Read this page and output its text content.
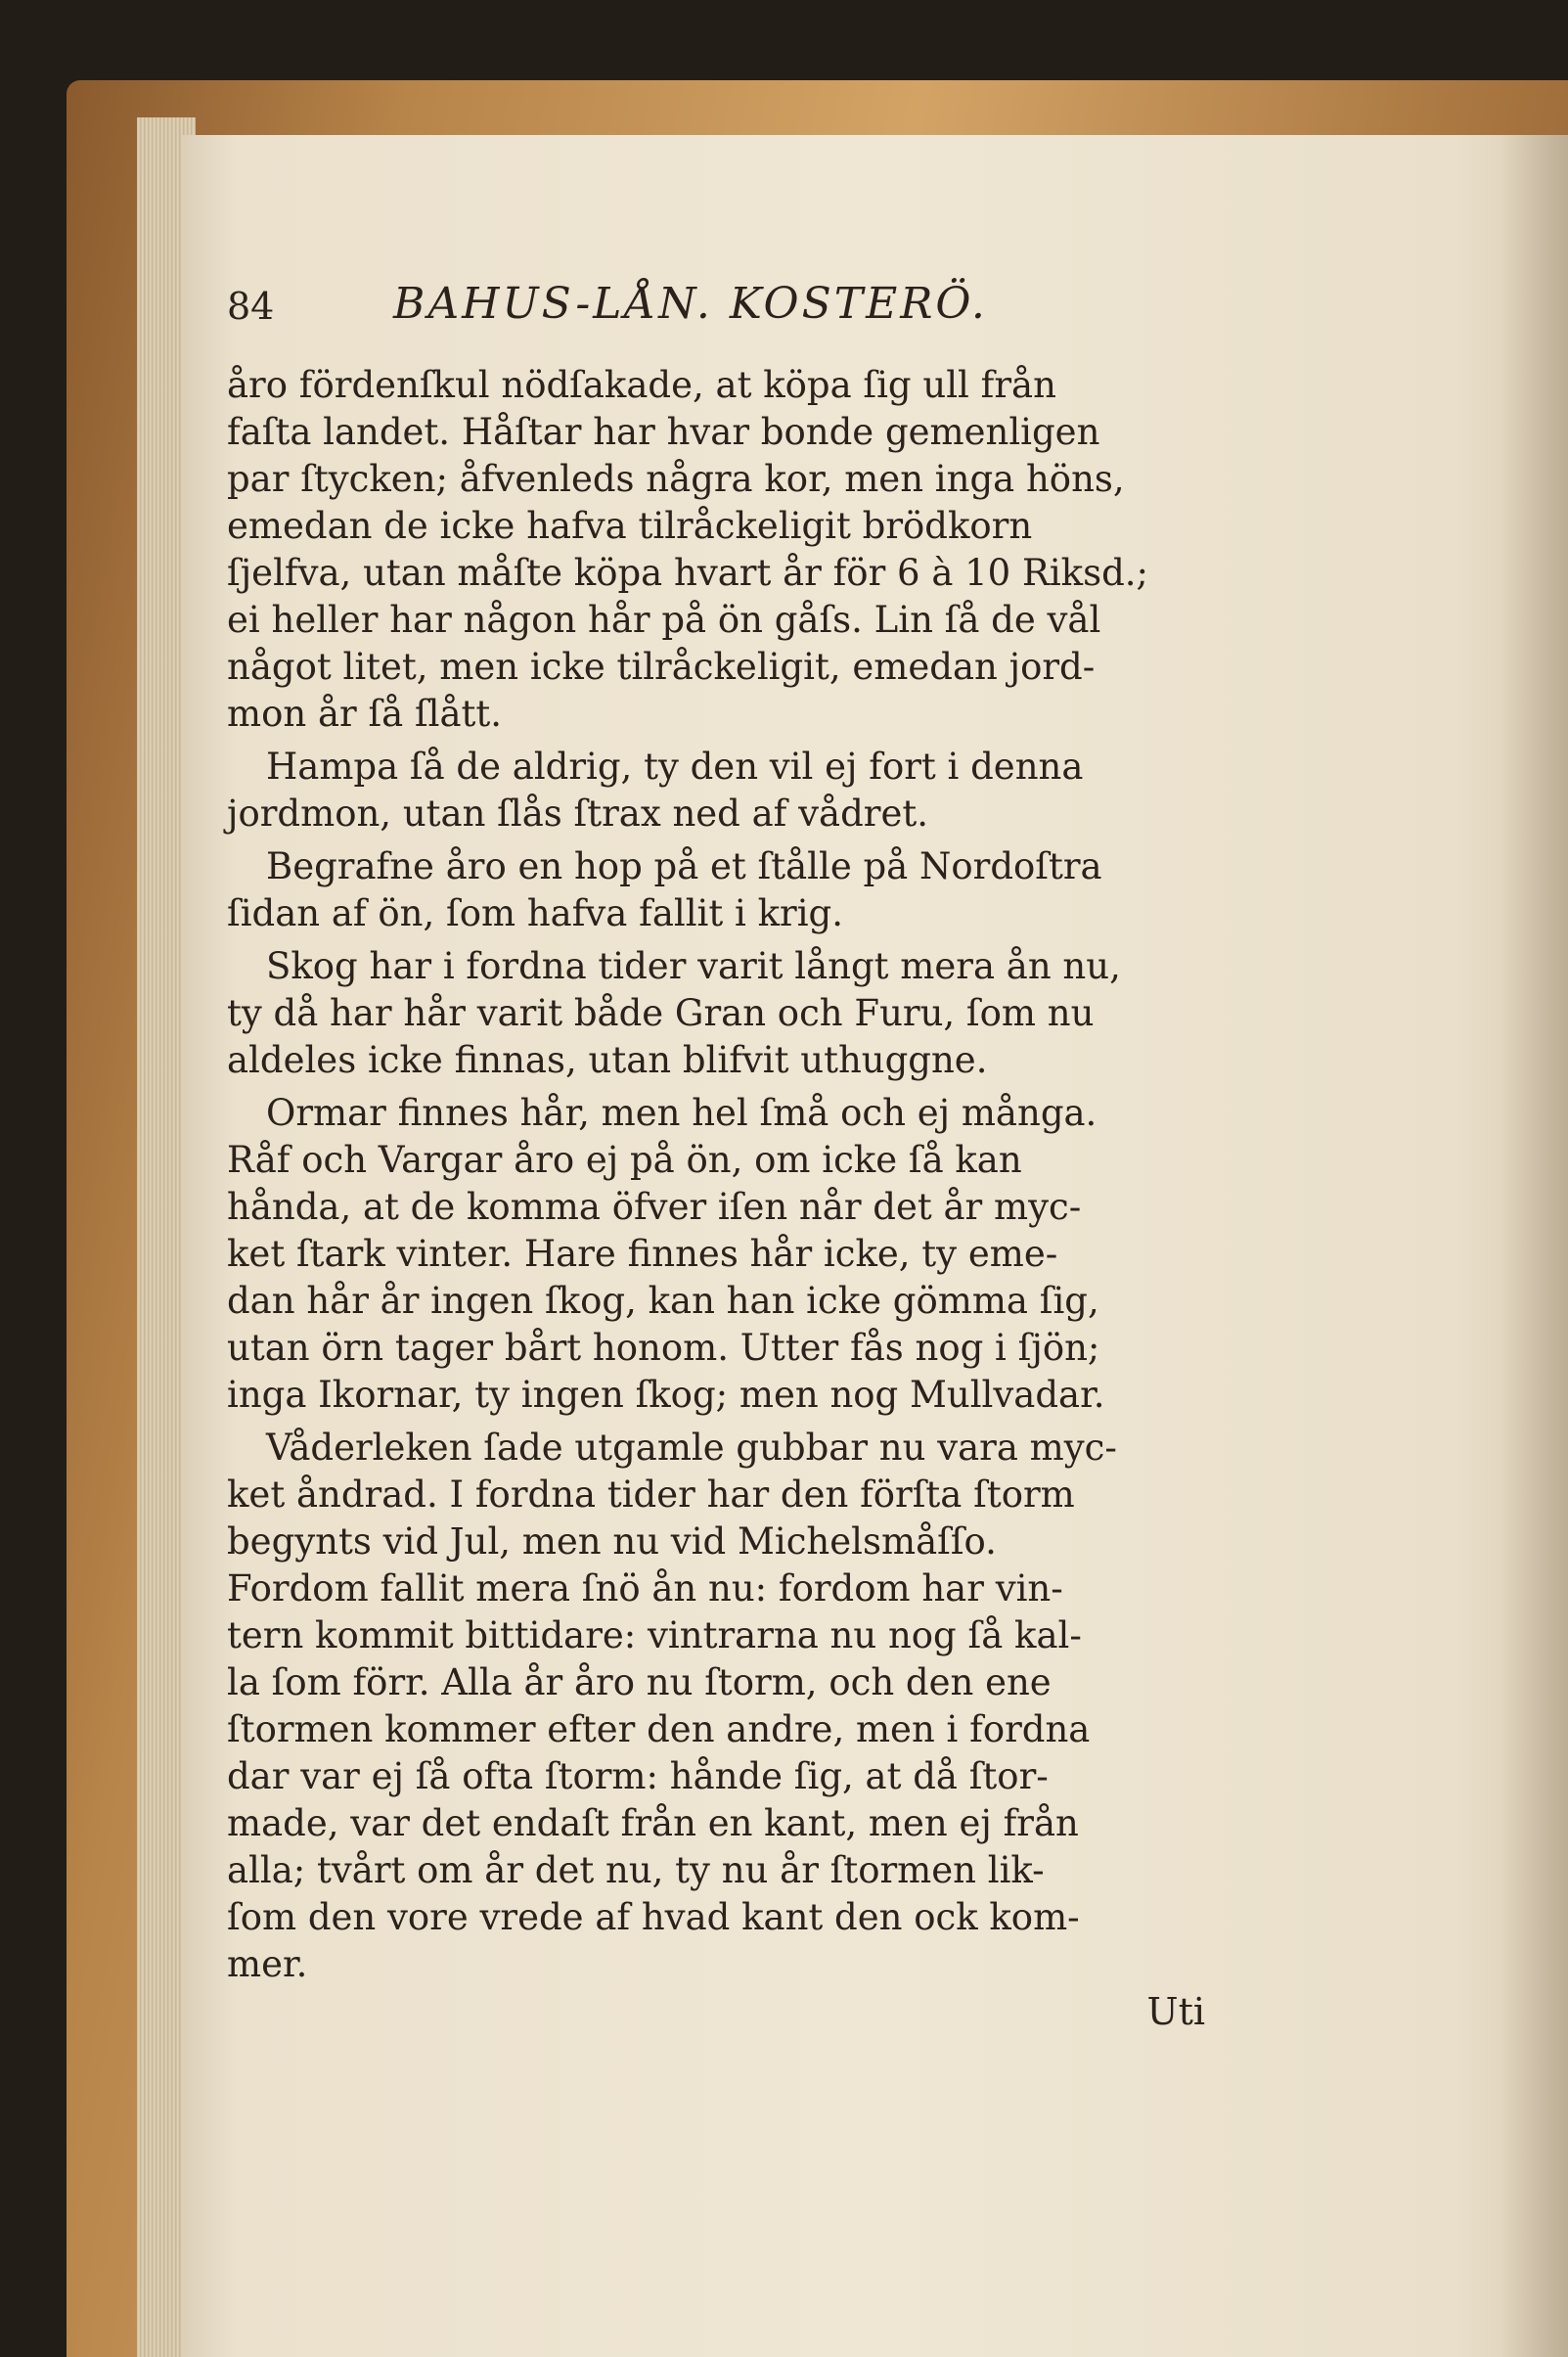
84	BAHUS-LÅN. KOSTERÖ.
åro fördenſkul nödſakade, at köpa ſig ull från
faſta landet. Håſtar har hvar bonde gemenligen
par ſtycken; åfvenleds några kor, men inga höns,
emedan de icke hafva tilråckeligit brödkorn
ſjelfva, utan måſte köpa hvart år för 6 à 10 Riksd.;
ei heller har någon hår på ön gåſs. Lin ſå de vål
något litet, men icke tilråckeligit, emedan jord-
mon år ſå ſlått.
Hampa ſå de aldrig, ty den vil ej fort i denna
jordmon, utan ſlås ſtrax ned af vådret.
Begrafne åro en hop på et ſtålle på Nordoſtra
ſidan af ön, ſom hafva fallit i krig.
Skog har i fordna tider varit långt mera ån nu,
ty då har hår varit både Gran och Furu, ſom nu
aldeles icke finnas, utan blifvit uthuggne.
Ormar finnes hår, men hel ſmå och ej många.
Råf och Vargar åro ej på ön, om icke ſå kan
hånda, at de komma öfver iſen når det år myc-
ket ſtark vinter. Hare finnes hår icke, ty eme-
dan hår år ingen ſkog, kan han icke gömma ſig,
utan örn tager bårt honom. Utter fås nog i ſjön;
inga Ikornar, ty ingen ſkog; men nog Mullvadar.
Våderleken ſade utgamle gubbar nu vara myc-
ket åndrad. I fordna tider har den förſta ſtorm
begynts vid Jul, men nu vid Michelsmåſſo.
Fordom fallit mera ſnö ån nu: fordom har vin-
tern kommit bittidare: vintrarna nu nog ſå kal-
la ſom förr. Alla år åro nu ſtorm, och den ene
ſtormen kommer efter den andre, men i fordna
dar var ej ſå ofta ſtorm: hånde ſig, at då ſtor-
made, var det endaſt från en kant, men ej från
alla; tvårt om år det nu, ty nu år ſtormen lik-
ſom den vore vrede af hvad kant den ock kom-
mer.
Uti
